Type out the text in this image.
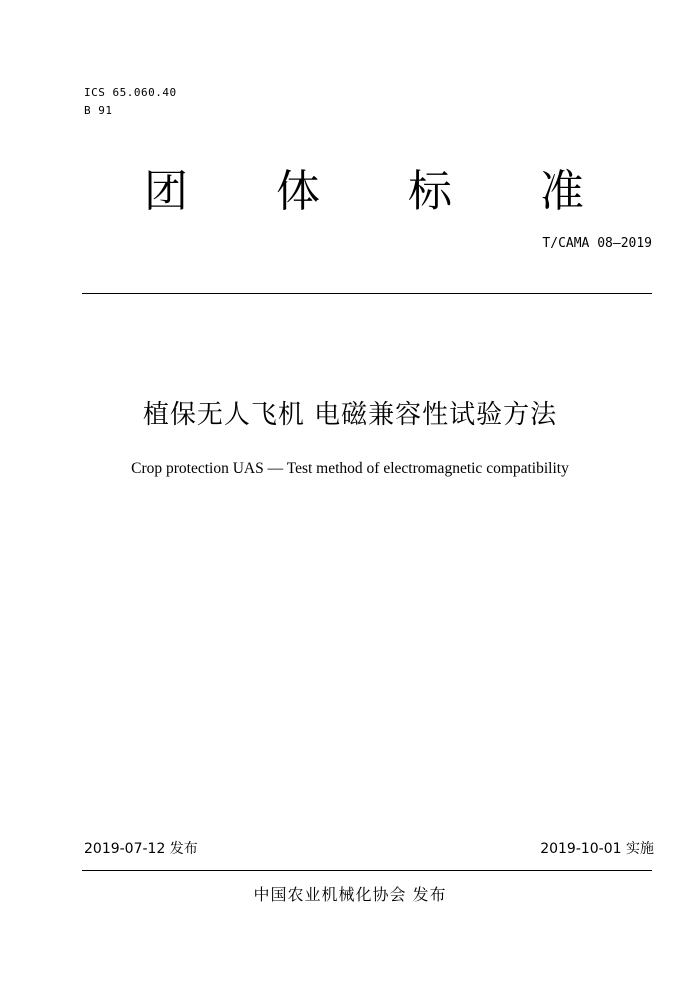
ICS 65.060.40
B 91
团 体 标 准
T/CAMA 08—2019
植保无人飞机 电磁兼容性试验方法
Crop protection UAS — Test method of electromagnetic compatibility
2019-07-12 发布	2019-10-01 实施
中国农业机械化协会 发布
